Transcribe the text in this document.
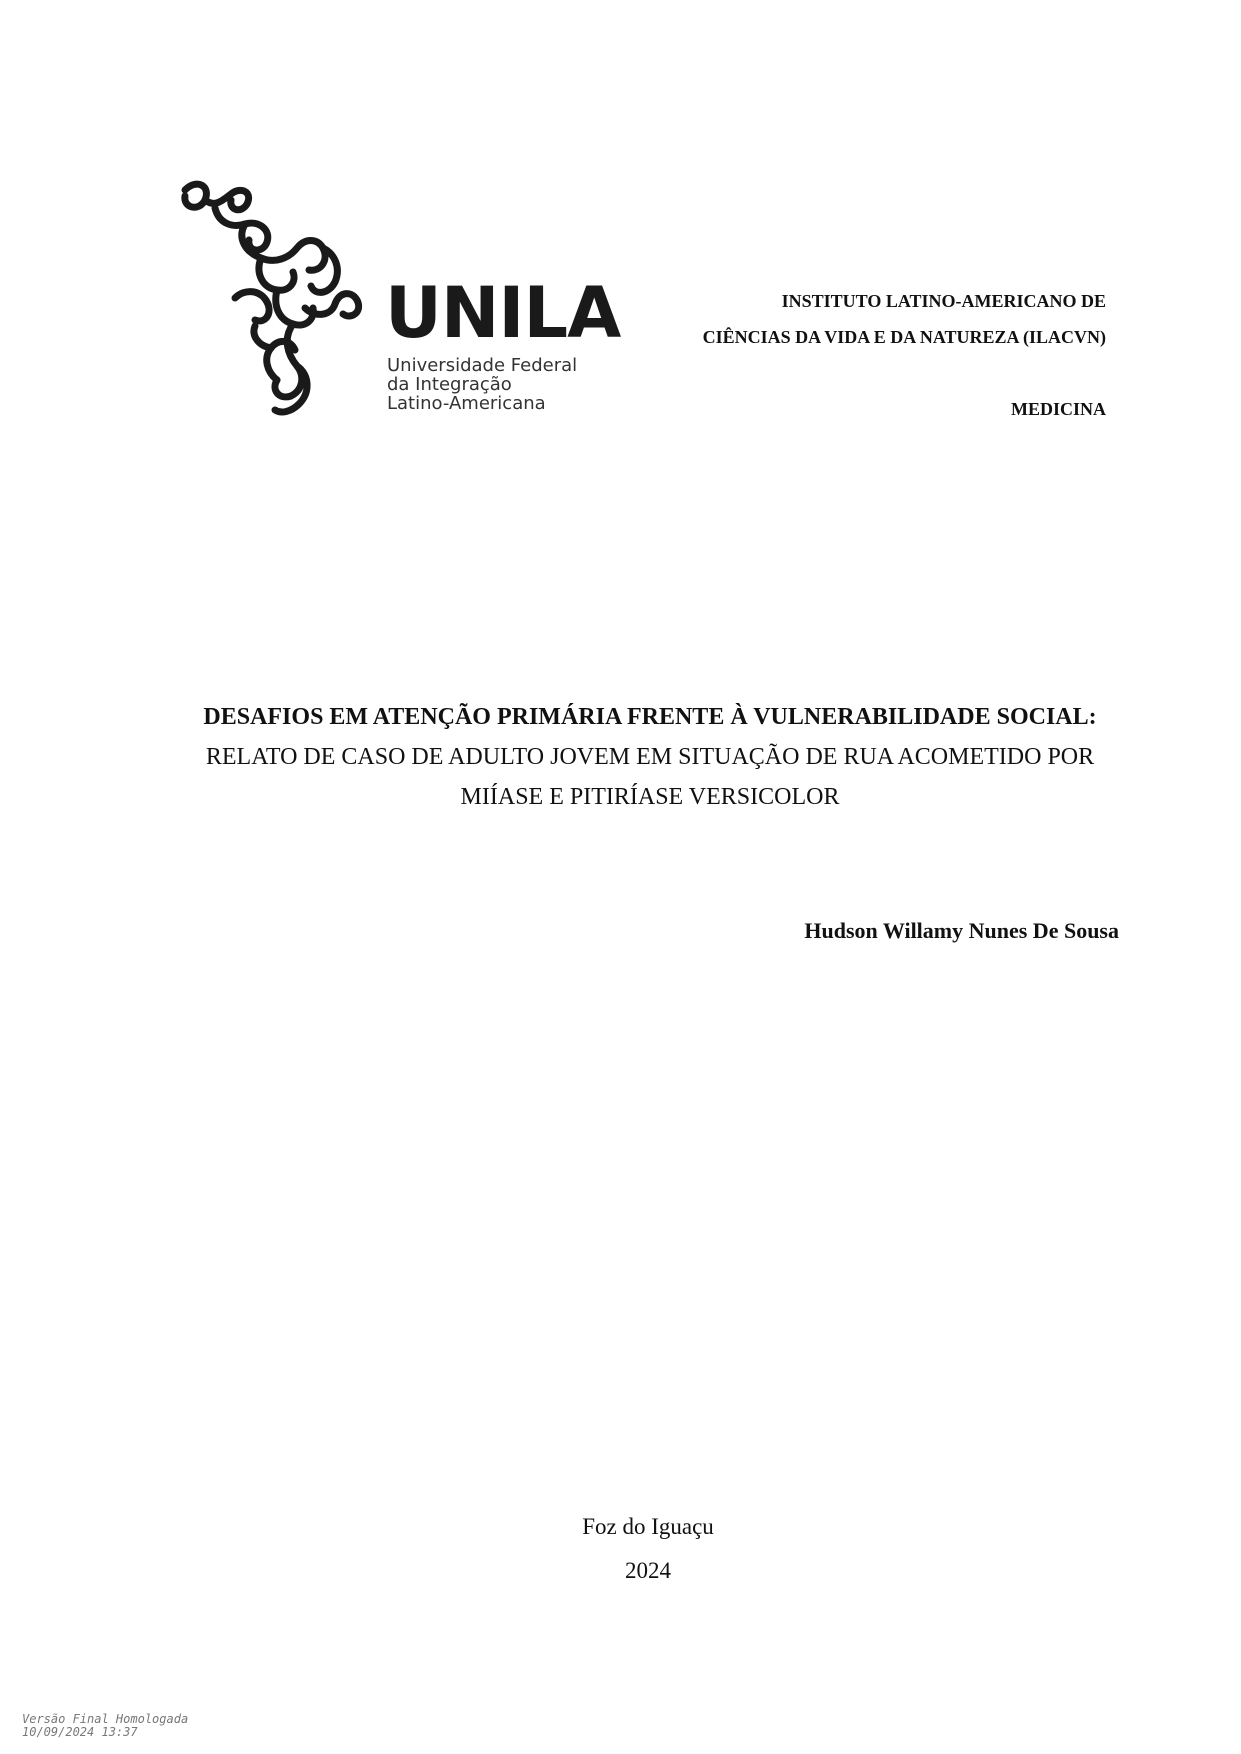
UNILA
Universidade Federal
da Integração
Latino-Americana
INSTITUTO LATINO-AMERICANO DE
CIÊNCIAS DA VIDA E DA NATUREZA (ILACVN)
MEDICINA
DESAFIOS EM ATENÇÃO PRIMÁRIA FRENTE À VULNERABILIDADE SOCIAL:
RELATO DE CASO DE ADULTO JOVEM EM SITUAÇÃO DE RUA ACOMETIDO POR MIÍASE E PITIRÍASE VERSICOLOR
Hudson Willamy Nunes De Sousa
Foz do Iguaçu
2024
Versão Final Homologada
10/09/2024 13:37
